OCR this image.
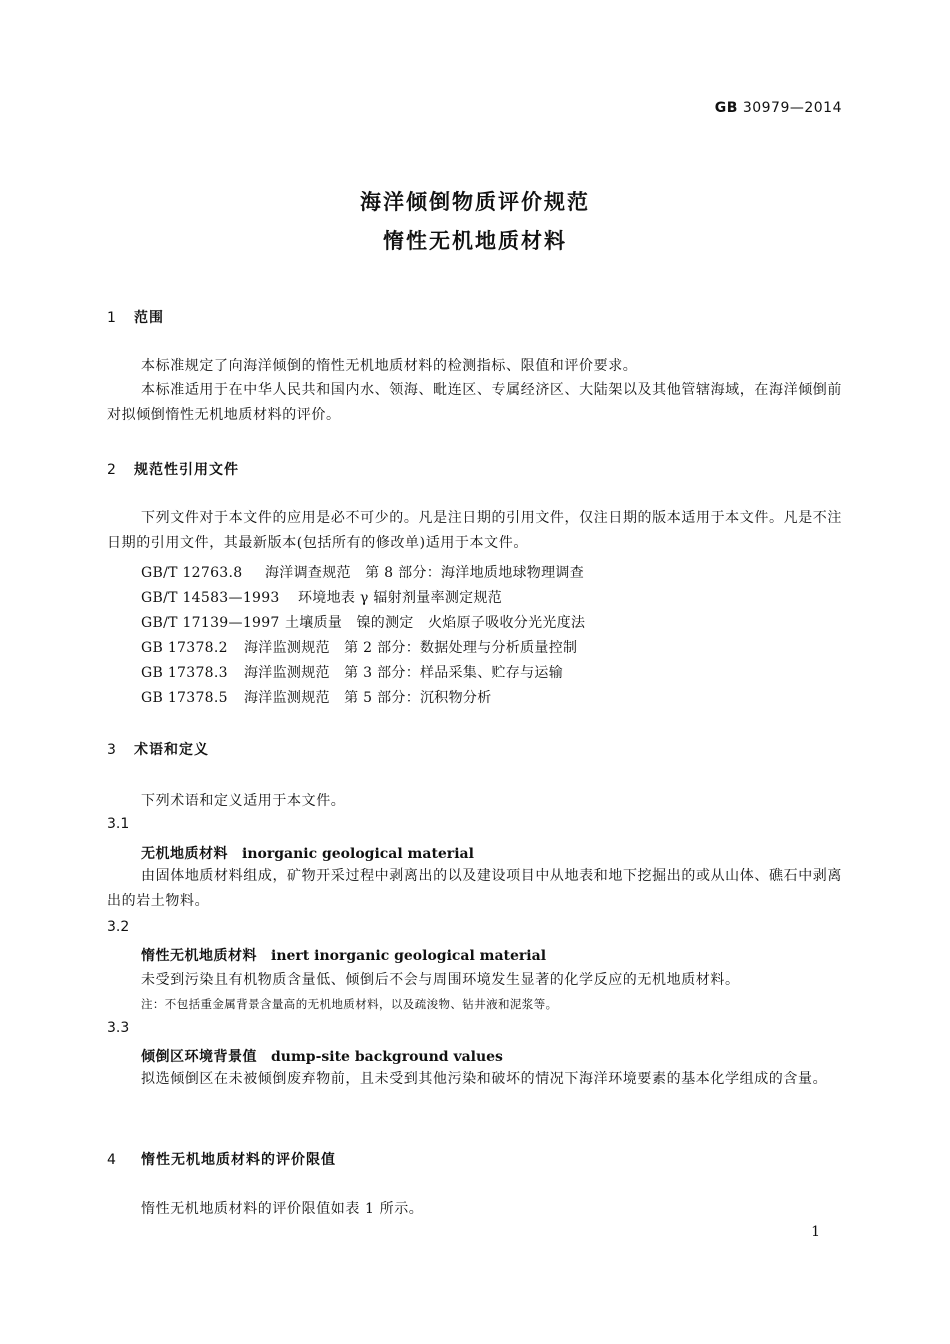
GB 30979—2014
海洋倾倒物质评价规范
惰性无机地质材料
1 范围
本标准规定了向海洋倾倒的惰性无机地质材料的检测指标、限值和评价要求。
本标准适用于在中华人民共和国内水、领海、毗连区、专属经济区、大陆架以及其他管辖海域，在海洋倾倒前对拟倾倒惰性无机地质材料的评价。
2 规范性引用文件
下列文件对于本文件的应用是必不可少的。凡是注日期的引用文件，仅注日期的版本适用于本文件。凡是不注日期的引用文件，其最新版本(包括所有的修改单)适用于本文件。
GB/T 12763.8 海洋调查规范　第 8 部分：海洋地质地球物理调查
GB/T 14583—1993 环境地表 γ 辐射剂量率测定规范
GB/T 17139—1997 土壤质量　镍的测定　火焰原子吸收分光光度法
GB 17378.2 海洋监测规范　第 2 部分：数据处理与分析质量控制
GB 17378.3 海洋监测规范　第 3 部分：样品采集、贮存与运输
GB 17378.5 海洋监测规范　第 5 部分：沉积物分析
3 术语和定义
下列术语和定义适用于本文件。
3.1
无机地质材料 inorganic geological material
由固体地质材料组成，矿物开采过程中剥离出的以及建设项目中从地表和地下挖掘出的或从山体、礁石中剥离出的岩土物料。
3.2
惰性无机地质材料 inert inorganic geological material
未受到污染且有机物质含量低、倾倒后不会与周围环境发生显著的化学反应的无机地质材料。
注：不包括重金属背景含量高的无机地质材料，以及疏浚物、钻井液和泥浆等。
3.3
倾倒区环境背景值 dump-site background values
拟选倾倒区在未被倾倒废弃物前，且未受到其他污染和破坏的情况下海洋环境要素的基本化学组成的含量。
4 惰性无机地质材料的评价限值
惰性无机地质材料的评价限值如表 1 所示。
1
